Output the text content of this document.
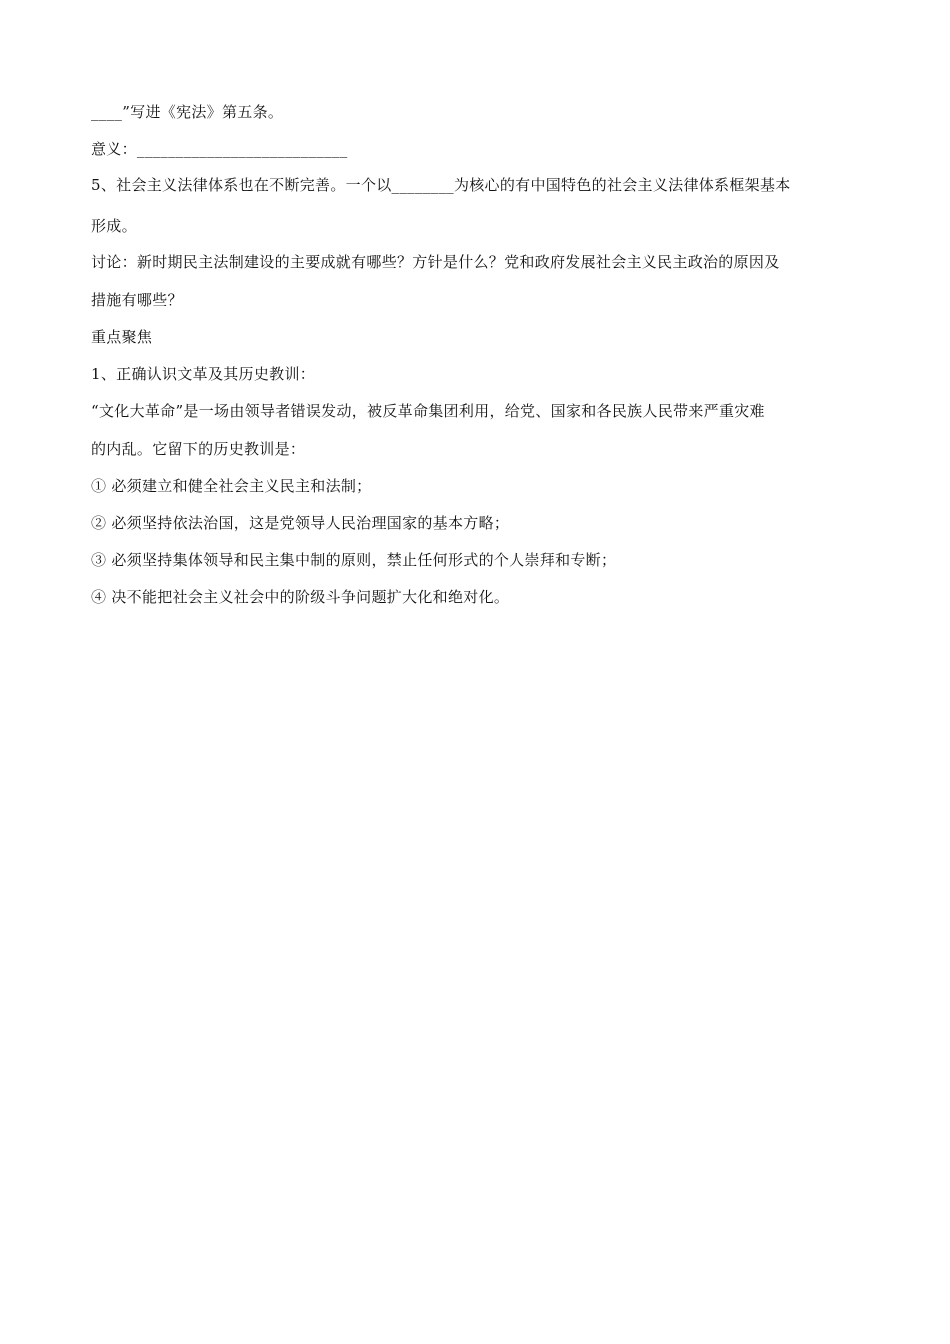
____”写进《宪法》第五条。
意义：___________________________
5、社会主义法律体系也在不断完善。一个以________为核心的有中国特色的社会主义法律体系框架基本
形成。
讨论：新时期民主法制建设的主要成就有哪些？方针是什么？党和政府发展社会主义民主政治的原因及
措施有哪些？
重点聚焦
1、正确认识文革及其历史教训：
“文化大革命”是一场由领导者错误发动，被反革命集团利用，给党、国家和各民族人民带来严重灾难
的内乱。它留下的历史教训是：
① 必须建立和健全社会主义民主和法制；
② 必须坚持依法治国，这是党领导人民治理国家的基本方略；
③ 必须坚持集体领导和民主集中制的原则，禁止任何形式的个人崇拜和专断；
④ 决不能把社会主义社会中的阶级斗争问题扩大化和绝对化。
